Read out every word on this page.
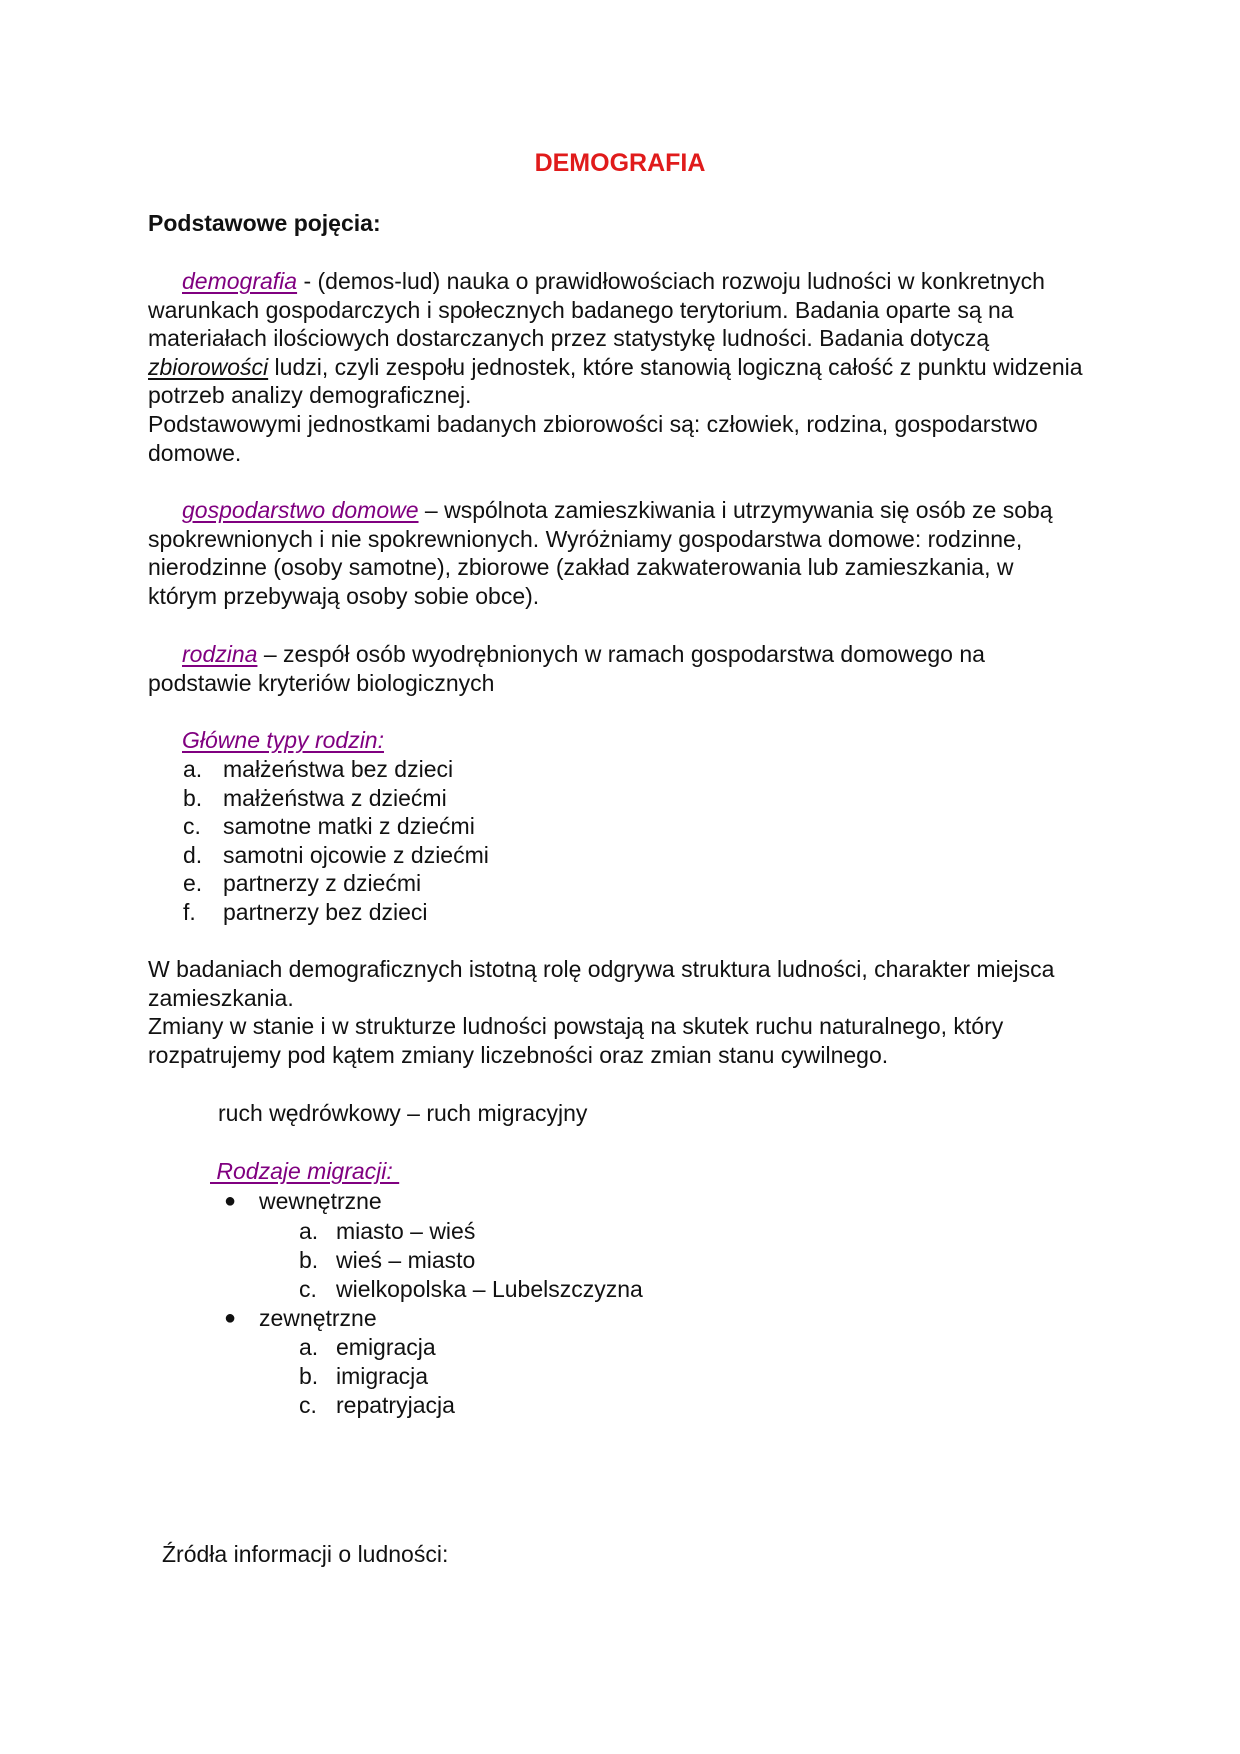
DEMOGRAFIA

Podstawowe pojęcia:

demografia - (demos-lud) nauka o prawidłowościach rozwoju ludności w konkretnych warunkach gospodarczych i społecznych badanego terytorium. Badania oparte są na materiałach ilościowych dostarczanych przez statystykę ludności. Badania dotyczą zbiorowości ludzi, czyli zespołu jednostek, które stanowią logiczną całość z punktu widzenia potrzeb analizy demograficznej.
Podstawowymi jednostkami badanych zbiorowości są: człowiek, rodzina, gospodarstwo domowe.

gospodarstwo domowe – wspólnota zamieszkiwania i utrzymywania się osób ze sobą spokrewnionych i nie spokrewnionych. Wyróżniamy gospodarstwa domowe: rodzinne, nierodzinne (osoby samotne), zbiorowe (zakład zakwaterowania lub zamieszkania, w którym przebywają osoby sobie obce).

rodzina – zespół osób wyodrębnionych w ramach gospodarstwa domowego na podstawie kryteriów biologicznych

Główne typy rodzin:

a. małżeństwa bez dzieci
b. małżeństwa z dziećmi
c. samotne matki z dziećmi
d. samotni ojcowie z dziećmi
e. partnerzy z dziećmi
f. partnerzy bez dzieci

W badaniach demograficznych istotną rolę odgrywa struktura ludności, charakter miejsca zamieszkania.
Zmiany w stanie i w strukturze ludności powstają na skutek ruchu naturalnego, który rozpatrujemy pod kątem zmiany liczebności oraz zmian stanu cywilnego.

ruch wędrówkowy – ruch migracyjny

Rodzaje migracji:

● wewnętrzne
a. miasto – wieś
b. wieś – miasto
c. wielkopolska – Lubelszczyzna
● zewnętrzne
a. emigracja
b. imigracja
c. repatryjacja

Źródła informacji o ludności:
